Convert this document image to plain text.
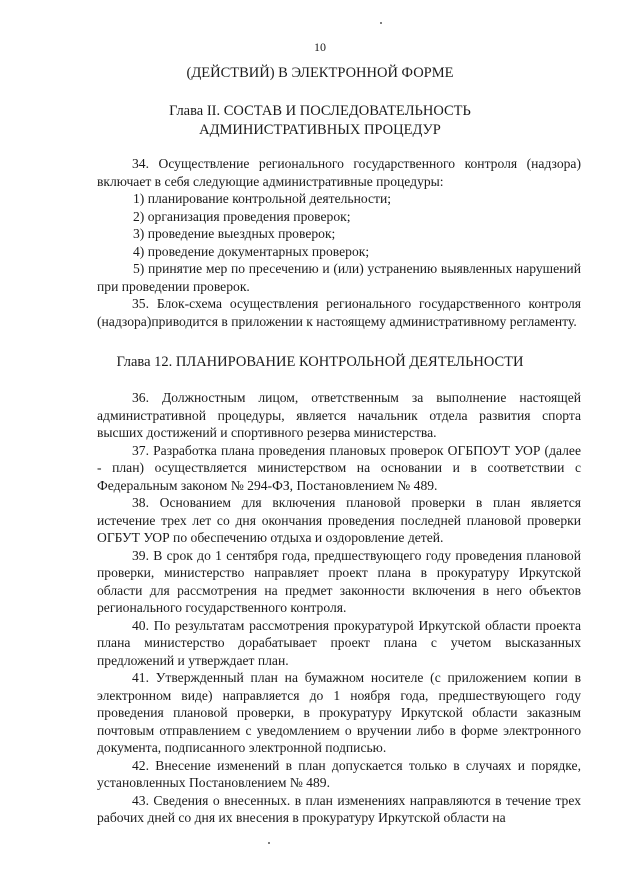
10
(ДЕЙСТВИЙ) В ЭЛЕКТРОННОЙ ФОРМЕ
Глава II. СОСТАВ И ПОСЛЕДОВАТЕЛЬНОСТЬ
АДМИНИСТРАТИВНЫХ ПРОЦЕДУР

34. Осуществление регионального государственного контроля (надзора) включает в себя следующие административные процедуры:

1) планирование контрольной деятельности;

2) организация проведения проверок;

3) проведение выездных проверок;

4) проведение документарных проверок;

5) принятие мер по пресечению и (или) устранению выявленных нарушений при проведении проверок.

35. Блок-схема осуществления регионального государственного контроля (надзора)приводится в приложении к настоящему административному регламенту.

Глава 12. ПЛАНИРОВАНИЕ КОНТРОЛЬНОЙ ДЕЯТЕЛЬНОСТИ

36. Должностным лицом, ответственным за выполнение настоящей административной процедуры, является начальник отдела развития спорта высших достижений и спортивного резерва министерства.

37. Разработка плана проведения плановых проверок ОГБПОУТ УОР (далее - план) осуществляется министерством на основании и в соответствии с Федеральным законом № 294-ФЗ, Постановлением № 489.

38. Основанием для включения плановой проверки в план является истечение трех лет со дня окончания проведения последней плановой проверки ОГБУТ УОР по обеспечению отдыха и оздоровление детей.

39. В срок до 1 сентября года, предшествующего году проведения плановой проверки, министерство направляет проект плана в прокуратуру Иркутской области для рассмотрения на предмет законности включения в него объектов регионального государственного контроля.

40. По результатам рассмотрения прокуратурой Иркутской области проекта плана министерство дорабатывает проект плана с учетом высказанных предложений и утверждает план.

41. Утвержденный план на бумажном носителе (с приложением копии в электронном виде) направляется до 1 ноября года, предшествующего году проведения плановой проверки, в прокуратуру Иркутской области заказным почтовым отправлением с уведомлением о вручении либо в форме электронного документа, подписанного электронной подписью.

42. Внесение изменений в план допускается только в случаях и порядке, установленных Постановлением № 489.

43. Сведения о внесенных. в план изменениях направляются в течение трех рабочих дней со дня их внесения в прокуратуру Иркутской области на
